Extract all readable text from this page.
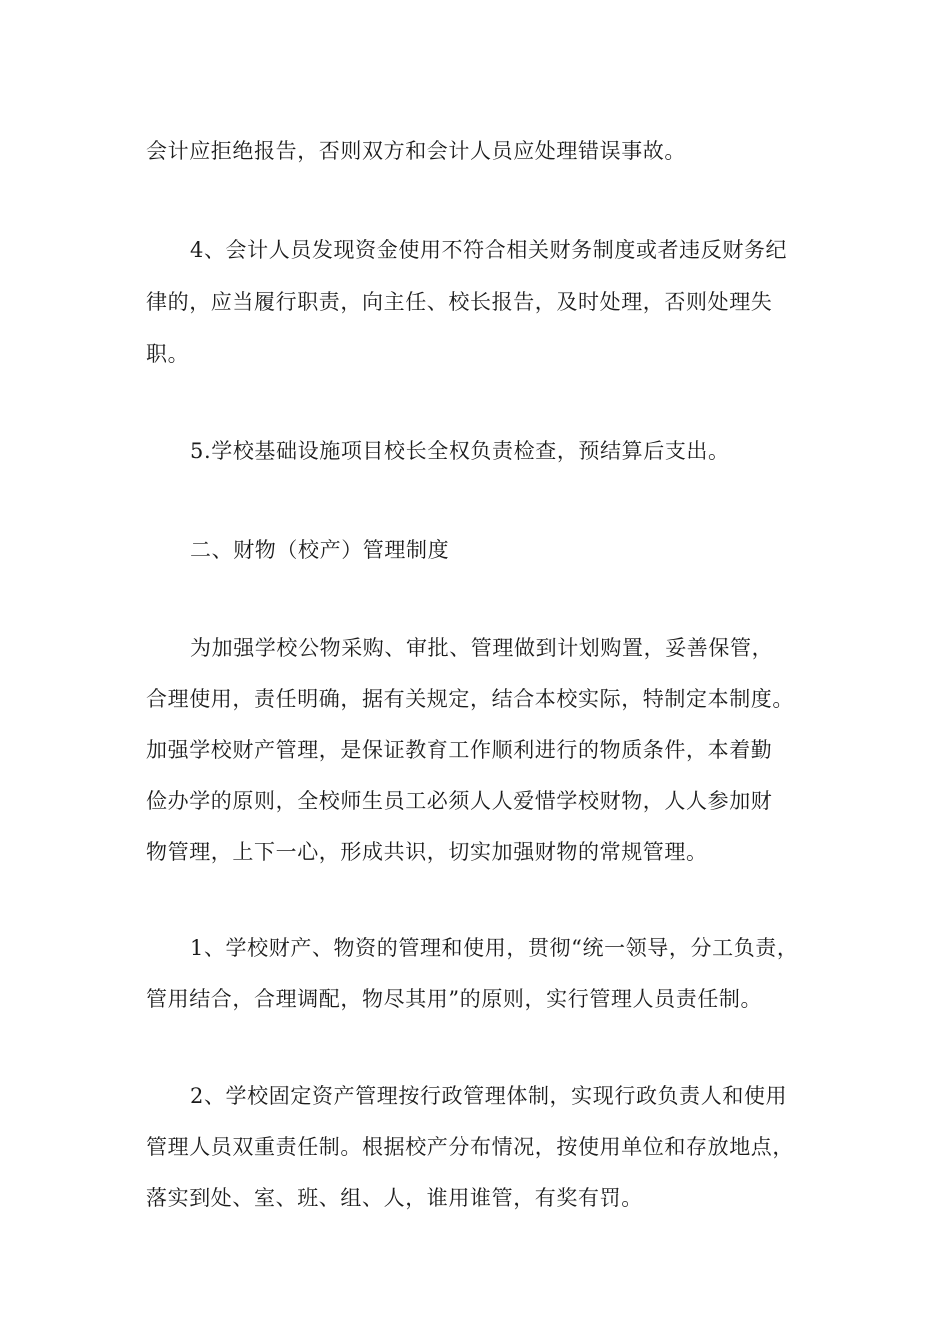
会计应拒绝报告，否则双方和会计人员应处理错误事故。
4、会计人员发现资金使用不符合相关财务制度或者违反财务纪
律的，应当履行职责，向主任、校长报告，及时处理，否则处理失
职。
5.学校基础设施项目校长全权负责检查，预结算后支出。
二、财物（校产）管理制度
为加强学校公物采购、审批、管理做到计划购置，妥善保管，
合理使用，责任明确，据有关规定，结合本校实际，特制定本制度。
加强学校财产管理，是保证教育工作顺利进行的物质条件，本着勤
俭办学的原则，全校师生员工必须人人爱惜学校财物，人人参加财
物管理，上下一心，形成共识，切实加强财物的常规管理。
1、学校财产、物资的管理和使用，贯彻“统一领导，分工负责，
管用结合，合理调配，物尽其用”的原则，实行管理人员责任制。
2、学校固定资产管理按行政管理体制，实现行政负责人和使用
管理人员双重责任制。根据校产分布情况，按使用单位和存放地点，
落实到处、室、班、组、人，谁用谁管，有奖有罚。
